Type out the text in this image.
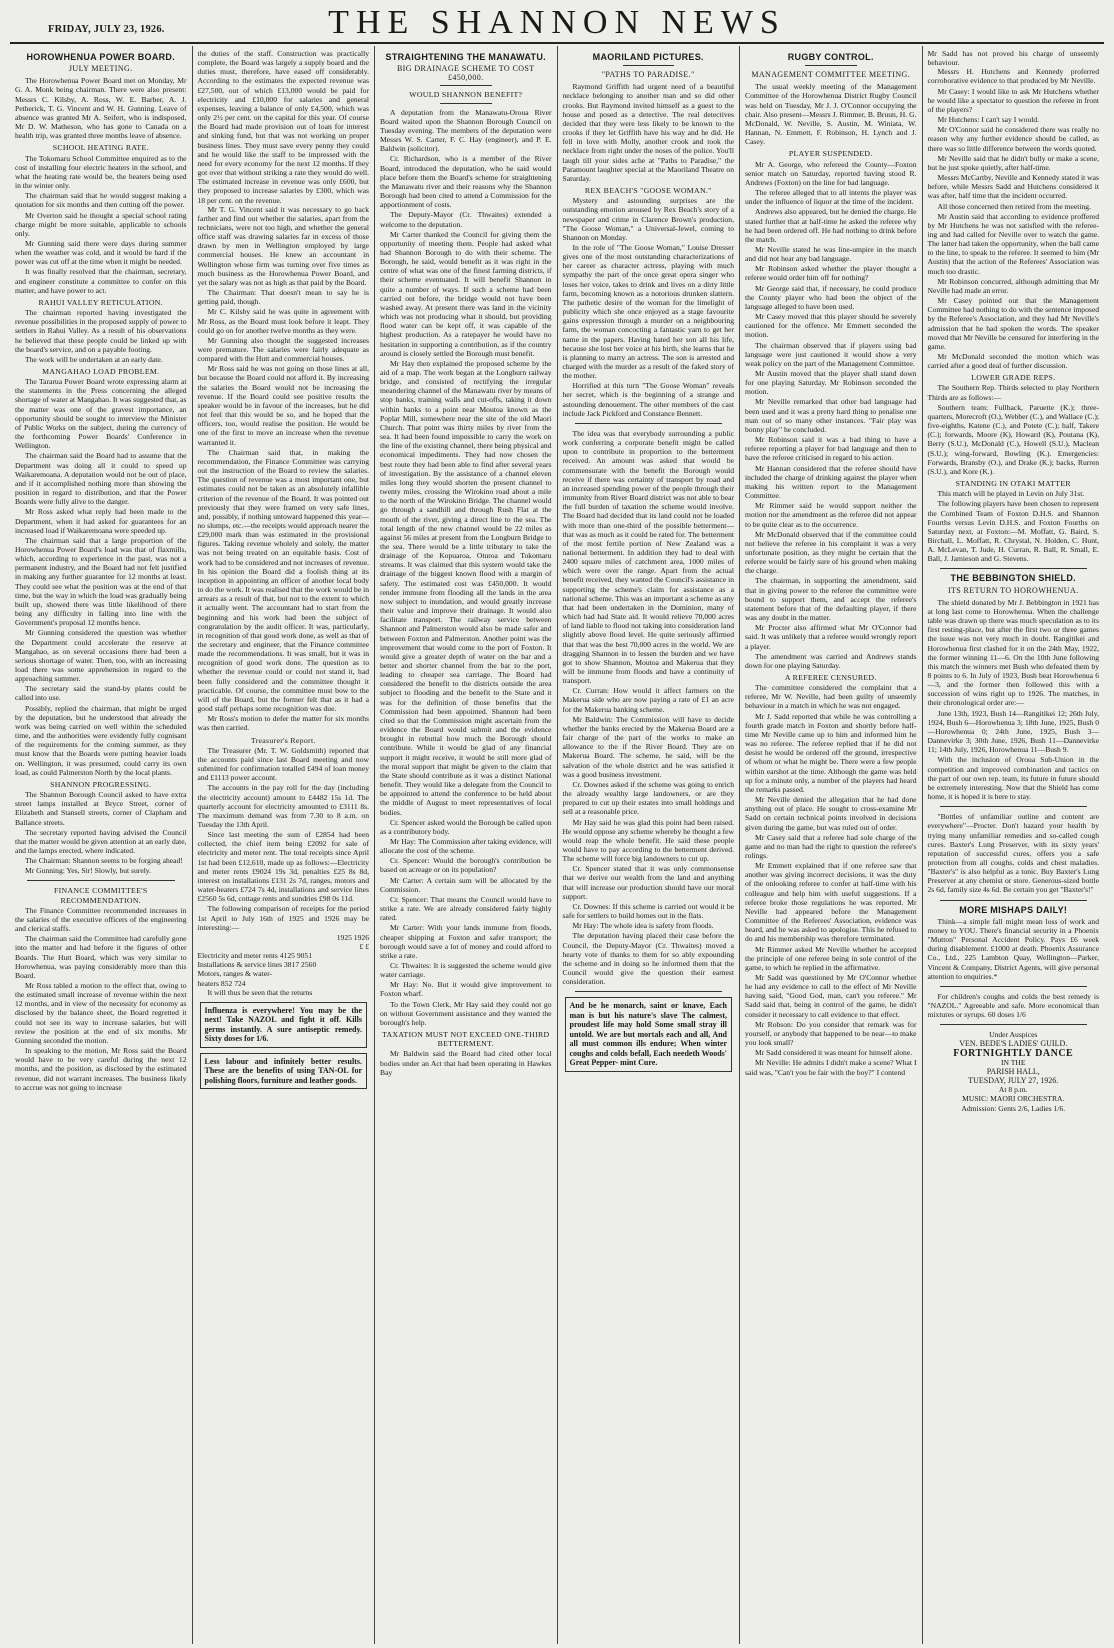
FRIDAY, JULY 23, 1926.	THE SHANNON NEWS
HOROWHENUA POWER BOARD.
JULY MEETING.

The Horowhenua Power Board met on Monday, Mr G. A. Monk being chairman. There were also present: Messrs C. Kilsby, A. Ross, W. E. Barber, A. J. Petherick, T. G. Vincent and W. H. Gunning. Leave of absence was granted Mr A. Seifert, who is indisposed, Mr D. W. Matheson, who has gone to Canada on a health trip, was granted three months leave of absence.

SCHOOL HEATING RATE.

The Tokomaru School Committee enquired as to the cost of installing four electric heaters in the school, and what the heating rate would be, the heaters being used in the winter only.

The chairman said that he would suggest making a quotation for six months and then cutting off the power.

Mr Overton said he thought a special school rating charge might be more suitable, applicable to schools only.

Mr Gunning said there were days during summer when the weather was cold, and it would be hard if the power was cut off at the time when it might be needed.

It was finally resolved that the chairman, secretary, and engineer constitute a committee to confer on this matter, and have power to act.

RAHUI VALLEY RETICULATION.

The chairman reported having investigated the revenue possibilities in the proposed supply of power to settlers in Rahui Valley. As a result of his observations he believed that these people could be linked up with the board's service, and on a payable footing.

The work will be undertaken at an early date.

MANGAHAO LOAD PROBLEM.

The Tararua Power Board wrote expressing alarm at the statements in the Press concerning the alleged shortage of water at Mangahao. It was suggested that, as the matter was one of the gravest importance, an opportunity should be sought to interview the Minister of Public Works on the subject, during the currency of the forthcoming Power Boards' Conference in Wellington.

The chairman said the Board had to assume that the Department was doing all it could to speed up Waikaremoana. A deputation would not be out of place, and if it accomplished nothing more than showing the position in regard to distribution, and that the Power Boards were fully alive to the danger.

Mr Ross asked what reply had been made to the Department, when it had asked for guarantees for an increased load if Waikaremoana were speeded up.

The chairman said that a large proportion of the Horowhenua Power Board's load was that of flaxmills, which, according to experience in the past, was not a permanent industry, and the Board had not felt justified in making any further guarantee for 12 months at least. They could see what the position was at the end of that time, but the way in which the load was gradually being built up, showed there was little likelihood of there being any difficulty in falling into line with the Government's proposal 12 months hence.

Mr Gunning considered the question was whether the Department could accelerate the reserve at Mangahao, as on several occasions there had been a serious shortage of water. Then, too, with an increasing load there was some apprehension in regard to the approaching summer.

The secretary said the stand-by plants could be called into use.

Possibly, replied the chairman, that might be urged by the deputation, but he understood that already the work was being carried on well within the scheduled time, and the authorities were evidently fully cognisant of the requirements for the coming summer, as they must know that the Boards were putting heavier loads on. Wellington, it was presumed, could carry its own load, as could Palmerston North by the local plants.

SHANNON PROGRESSING.

The Shannon Borough Council asked to have extra street lamps installed at Bryce Street, corner of Elizabeth and Stansell streets, corner of Clapham and Ballance streets.

The secretary reported having advised the Council that the matter would be given attention at an early date, and the lamps erected, where indicated.

The Chairman: Shannon seems to be forging ahead!

Mr Gunning: Yes, Sir! Slowly, but surely.

FINANCE COMMITTEE'S RECOMMENDATION.

The Finance Committee recommended increases in the salaries of the executive officers of the engineering and clerical staffs.

The chairman said the Committee had carefully gone into the matter and had before it the figures of other Boards. The Hutt Board, which was very similar to Horowhenua, was paying considerably more than this Board.

Mr Ross tabled a motion to the effect that, owing to the estimated small increase of revenue within the next 12 months, and in view of the necessity for economy as disclosed by the balance sheet, the Board regretted it could not see its way to increase salaries, but will review the position at the end of six months. Mr Gunning seconded the motion.

In speaking to the motion, Mr Ross said the Board would have to be very careful during the next 12 months, and the position, as disclosed by the estimated revenue, did not warrant increases. The business likely to accrue was not going to increase

the duties of the staff. Construction was practically complete, the Board was largely a supply board and the duties must, therefore, have eased off considerably. According to the estimates the expected revenue was £27,500, out of which £13,000 would be paid for electricity and £10,000 for salaries and general expenses, leaving a balance of only £4,500, which was only 2½ per cent. on the capital for this year. Of course the Board had made provision out of loan for interest and sinking fund, but that was not working on proper business lines. They must save every penny they could and he would like the staff to be impressed with the need for every economy for the next 12 months. If they got over that without striking a rate they would do well. The estimated increase in revenue was only £600, but they proposed to increase salaries by £300, which was 18 per cent. on the revenue.

Mr T. G. Vincent said it was necessary to go back farther and find out whether the salaries, apart from the technicians, were not too high, and whether the general office staff was drawing salaries far in excess of those drawn by men in Wellington employed by large commercial houses. He knew an accountant in Wellington whose firm was turning over five times as much business as the Horowhenua Power Board, and yet the salary was not as high as that paid by the Board.

The Chairman: That doesn't mean to say he is getting paid, though.

Mr C. Kilsby said he was quite in agreement with Mr Ross, as the Board must look before it leapt. They could go on for another twelve months as they were.

Mr Gunning also thought the suggested increases were premature. The salaries were fairly adequate as compared with the Hutt and commercial houses.

Mr Ross said he was not going on those lines at all, but because the Board could not afford it. By increasing the salaries the Board would not be increasing the revenue. If the Board could see positive results the speaker would be in favour of the increases, but he did not feel that this would be so, and he hoped that the officers, too, would realise the position. He would be one of the first to move an increase when the revenue warranted it.

The Chairman said that, in making the recommendation, the Finance Committee was carrying out the instruction of the Board to review the salaries. The question of revenue was a most important one, but estimates could not be taken as an absolutely infallible criterion of the revenue of the Board. It was pointed out previously that they were framed on very safe lines, and, possibly, if nothing untoward happened this year—no slumps, etc.—the receipts would approach nearer the £29,000 mark than was estimated in the provisional figures. Taking revenue wholely and solely, the matter was not being treated on an equitable basis. Cost of work had to be considered and not increases of revenue. In his opinion the Board did a foolish thing at its inception in appointing an officer of another local body to do the work. It was realised that the work would be in arrears as a result of that, but not to the extent to which it actually went. The accountant had to start from the beginning and his work had been the subject of congratulation by the audit officer. It was, particularly, in recognition of that good work done, as well as that of the secretary and engineer, that the Finance committee made the recommendations. It was small, but it was in recognition of good work done. The question as to whether the revenue could or could not stand it, had been fully considered and the committee thought it practicable. Of course, the committee must bow to the will of the Board, but the former felt that as it had a good staff perhaps some recognition was due.

Mr Ross's motion to defer the matter for six months was then carried.

Treasurer's Report.

The Treasurer (Mr. T. W. Goldsmith) reported that the accounts paid since last Board meeting and now submitted for confirmation totalled £494 of loan money and £1113 power account.

The accounts in the pay roll for the day (including the electricity account) amount to £4482 15s 1d. The quarterly account for electricity amounted to £3111 8s. The maximum demand was from 7.30 to 8 a.m. on Tuesday the 13th April.

Since last meeting the sum of £2854 had been collected, the chief item being £2092 for sale of electricity and meter rent. The total receipts since April 1st had been £12,610, made up as follows:—Electricity and meter rents £9024 19s 3d, penalties £25 8s 8d, interest on installations £131 2s 7d, ranges, motors and water-heaters £724 7s 4d, installations and service lines £2560 5s 6d, cottage rents and sundries £98 0s 11d.

The following comparison of receipts for the period 1st April to July 16th of 1925 and 1926 may be interesting:—

1925 1926

£ £

Electricity and meter rents 4125 9051

Installations & service lines 3817 2560

Motors, ranges & water-

heaters 852 724

It will thus be seen that the returns

Influenza is everywhere! You may be the next! Take NAZOL and fight it off. Kills germs instantly. A sure antiseptic remedy. Sixty doses for 1/6.
Less labour and infinitely better results. These are the benefits of using TAN-OL for polishing floors, furniture and leather goods.
STRAIGHTENING THE MANAWATU.
BIG DRAINAGE SCHEME TO COST £450,000.
WOULD SHANNON BENEFIT?

A deputation from the Manawatu-Oroua River Board waited upon the Shannon Borough Council on Tuesday evening. The members of the deputation were Messrs W. S. Carter, F. C. Hay (engineer), and P. E. Baldwin (solicitor).

Cr. Richardson, who is a member of the River Board, introduced the deputation, who he said would place before them the Board's scheme for straightening the Manawatu river and their reasons why the Shannon Borough had been cited to attend a Commission for the apportionment of costs.

The Deputy-Mayor (Cr. Thwaites) extended a welcome to the deputation.

Mr Carter thanked the Council for giving them the opportunity of meeting them. People had asked what had Shannon Borough to do with their scheme. The Borough, he said, would benefit as it was right in the centre of what was one of the finest farming districts, if their scheme eventuated. It will benefit Shannon in quite a number of ways. If such a scheme had been carried out before, the bridge would not have been washed away. At present there was land in the vicinity which was not producing what it should, but providing flood water can be kept off, it was capable of the highest production. As a ratepayer he would have no hesitation in supporting a contribution, as if the country around is closely settled the Borough must benefit.

Mr Hay then explained the proposed scheme by the aid of a map. The work began at the Longburn railway bridge, and consisted of rectifying the irregular meandering channel of the Manawatu river by means of stop banks, training walls and cut-offs, taking it down within banks to a point near Moutoa known as the Poplar Mill, somewhere near the site of the old Maori Church. That point was thirty miles by river from the sea. It had been found impossible to carry the work on the line of the existing channel, there being physical and economical impediments. They had now chosen the best route they had been able to find after several years of investigation. By the assistance of a channel eleven miles long they would shorten the present channel to twenty miles, crossing the Wirokino road about a mile to the north of the Wirokino Bridge. The channel would go through a sandhill and through Rush Flat at the mouth of the river, giving a direct line to the sea. The total length of the new channel would be 22 miles as against 56 miles at present from the Longburn Bridge to the sea. There would be a little tributary to take the drainage of the Kopuaroa, Oturoa and Tokomaru streams. It was claimed that this system would take the drainage of the biggest known flood with a margin of safety. The estimated cost was £450,000. It would render immune from flooding all the lands in the area now subject to inundation, and would greatly increase their value and improve their drainage. It would also facilitate transport. The railway service between Shannon and Palmerston would also be made safer and between Foxton and Palmerston. Another point was the improvement that would come to the port of Foxton. It would give a greater depth of water on the bar and a better and shorter channel from the bar to the port, leading to cheaper sea carriage. The Board had considered the benefit to the districts outside the area subject to flooding and the benefit to the State and it was for the definition of those benefits that the Commission had been appointed. Shannon had been cited so that the Commission might ascertain from the evidence the Board would submit and the evidence brought in rebuttal how much the Borough should contribute. While it would be glad of any financial support it might receive, it would be still more glad of the moral support that might be given to the claim that the State should contribute as it was a distinct National benefit. They would like a delegate from the Council to be appointed to attend the conference to be held about the middle of August to meet representatives of local bodies.

Cr. Spencer asked would the Borough be called upon as a contributory body.

Mr Hay: The Commission after taking evidence, will allocate the cost of the scheme.

Cr. Spencer: Would the borough's contribution be based on acreage or on its population?

Mr Carter: A certain sum will be allocated by the Commission.

Cr. Spencer: That means the Council would have to strike a rate. We are already considered fairly highly rated.

Mr Carter: With your lands immune from floods, cheaper shipping at Foxton and safer transport; the borough would save a lot of money and could afford to strike a rate.

Cr. Thwaites: It is suggested the scheme would give water carriage.

Mr Hay: No. But it would give improvement to Foxton wharf.

To the Town Clerk, Mr Hay said they could not go on without Government assistance and they wanted the borough's help.

TAXATION MUST NOT EXCEED ONE-THIRD BETTERMENT.

Mr Baldwin said the Board had cited other local bodies under an Act that had been operating in Hawkes Bay

MAORILAND PICTURES.
"PATHS TO PARADISE."

Raymond Griffith had urgent need of a beautiful necklace belonging to another man and so did other crooks. But Raymond invited himself as a guest to the house and posed as a detective. The real detectives decided that they were less likely to be known to the crooks if they let Griffith have his way and he did. He fell in love with Molly, another crook and took the necklace from right under the noses of the police. You'll laugh till your sides ache at "Paths to Paradise," the Paramount laughter special at the Maoriland Theatre on Saturday.

REX BEACH'S "GOOSE WOMAN."

Mystery and astounding surprises are the outstanding emotion aroused by Rex Beach's story of a newspaper and crime in Clarence Brown's production, "The Goose Woman," a Universal-Jewel, coming to Shannon on Monday.

In the role of "The Goose Woman," Louise Dresser gives one of the most outstanding characterizations of her career as character actress, playing with much sympathy the part of the once great opera singer who loses her voice, takes to drink and lives on a dirty little farm, becoming known as a notorious drunken slattern. The pathetic desire of the woman for the limelight of publicity which she once enjoyed as a stage favourite gains expression through a murder on a neighbouring farm, the woman concocting a fantastic yarn to get her name in the papers. Having hated her son all his life, because she lost her voice at his birth, she learns that he is planning to marry an actress. The son is arrested and charged with the murder as a result of the faked story of the mother.

Horrified at this turn "The Goose Woman" reveals her secret, which is the beginning of a strange and astounding denouement. The other members of the cast include Jack Pickford and Constance Bennett.

The idea was that everybody surrounding a public work conferring a corporate benefit might be called upon to contribute in proportion to the betterment received. An amount was asked that would be commensurate with the benefit the Borough would receive if there was certainty of transport by road and an increased spending power of the people through their immunity from River Board district was not able to bear the full burden of taxation the scheme would involve. The Board had decided that its land could not be loaded with more than one-third of the possible betterment—that was as much as it could be rated for. The betterment of the most fertile portion of New Zealand was a national betterment. In addition they had to deal with 2400 square miles of catchment area, 1000 miles of which were over the range. Apart from the actual benefit received, they wanted the Council's assistance in supporting the scheme's claim for assistance as a national scheme. This was an important a scheme as any that had been undertaken in the Dominion, many of which had had State aid. It would relieve 70,000 acres of land liable to flood not taking into consideration land slightly above flood level. He quite seriously affirmed that that was the best 70,000 acres in the world. We are dragging Shannon in to lessen the burden and we have got to show Shannon, Moutoa and Makerua that they will be immune from floods and have a continuity of transport.

Cr. Curran: How would it affect farmers on the Makerua side who are now paying a rate of £1 an acre for the Makerua banking scheme.

Mr Baldwin: The Commission will have to decide whether the banks erected by the Makerua Board are a fair charge of the part of the works to make an allowance to the if the River Board. They are on Makerua Board. The scheme, he said, will be the salvation of the whole district and he was satisfied it was a good business investment.

Cr. Downes asked if the scheme was going to enrich the already wealthy large landowners, or are they prepared to cut up their estates into small holdings and sell at a reasonable price.

Mr Hay said he was glad this point had been raised. He would oppose any scheme whereby he thought a few would reap the whole benefit. He said these people would have to pay according to the betterment derived. The scheme will force big landowners to cut up.

Cr. Spencer stated that it was only commonsense that we derive our wealth from the land and anything that will increase our production should have our moral support.

Cr. Downes: If this scheme is carried out would it be safe for settlers to build homes out in the flats.

Mr Hay: The whole idea is safety from floods.

The deputation having placed their case before the Council, the Deputy-Mayor (Cr. Thwaites) moved a hearty vote of thanks to them for so ably expounding the scheme and in doing so he informed them that the Council would give the question their earnest consideration.

And be he monarch, saint or knave, Each man is but his nature's slave The calmest, proudest life may hold Some small stray ill untold. We are but mortals each and all, And all must common ills endure; When winter coughs and colds befall, Each needeth Woods' Great Pepper- mint Cure.
RUGBY CONTROL.
MANAGEMENT COMMITTEE MEETING.

The usual weekly meeting of the Management Committee of the Horowhenua District Rugby Council was held on Tuesday, Mr J. J. O'Connor occupying the chair. Also present—Messrs J. Rimmer, B. Bruun, H. G. McDonald, W. Neville, S. Austin, M. Winiata, W. Hannan, N. Emmett, F. Robinson, H. Lynch and J. Casey.

PLAYER SUSPENDED.

Mr A. George, who refereed the County—Foxton senior match on Saturday, reported having stood R. Andrews (Foxton) on the line for bad language.

The referee alleged that to all intents the player was under the influence of liquor at the time of the incident.

Andrews also appeared, but he denied the charge. He stated further that at half-time he asked the referee why he had been ordered off. He had nothing to drink before the match.

Mr Neville stated he was line-umpire in the match and did not hear any bad language.

Mr Robinson asked whether the player thought a referee would order him off for nothing?

Mr George said that, if necessary, he could produce the County player who had been the object of the language alleged to have been used.

Mr Casey moved that this player should be severely cautioned for the offence. Mr Emmett seconded the motion.

The chairman observed that if players using bad language were just cautioned it would show a very weak policy on the part of the Management Committee.

Mr Austin moved that the player shall stand down for one playing Saturday. Mr Robinson seconded the motion.

Mr Neville remarked that other bad language had been used and it was a pretty hard thing to penalise one man out of so many other instances. "Fair play was bonny play" he concluded.

Mr Robinson said it was a bad thing to have a referee reporting a player for bad language and then to have the referee criticised in regard to his action.

Mr Hannan considered that the referee should have included the charge of drinking against the player when making his written report to the Management Committee.

Mr Rimmer said he would support neither the motion nor the amendment as the referee did not appear to be quite clear as to the occurrence.

Mr McDonald observed that if the committee could not believe the referee in his complaint it was a very unfortunate position, as they might be certain that the referee would be fairly sure of his ground when making the charge.

The chairman, in supporting the amendment, said that in giving power to the referee the committee were bound to support them, and accept the referee's statement before that of the defaulting player, if there was any doubt in the matter.

Mr Procter also affirmed what Mr O'Connor had said. It was unlikely that a referee would wrongly report a player.

The amendment was carried and Andrews stands down for one playing Saturday.

A REFEREE CENSURED.

The committee considered the complaint that a referee, Mr W. Neville, had been guilty of unseemly behaviour in a match in which he was not engaged.

Mr J. Sadd reported that while he was controlling a fourth grade match in Foxton and shortly before half-time Mr Neville came up to him and informed him he was no referee. The referee replied that if he did not desist he would be ordered off the ground, irrespective of whom or what he might be. There were a few people within earshot at the time. Although the game was held up for a minute only, a number of the players had heard the remarks passed.

Mr Neville denied the allegation that he had done anything out of place. He sought to cross-examine Mr Sadd on certain technical points involved in decisions given during the game, but was ruled out of order.

Mr Casey said that a referee had sole charge of the game and no man had the right to question the referee's rulings.

Mr Emmett explained that if one referee saw that another was giving incorrect decisions, it was the duty of the onlooking referee to confer at half-time with his colleague and help him with useful suggestions. If a referee broke those regulations he was reported. Mr Neville had appeared before the Management Committee of the Referees' Association, evidence was heard, and he was asked to apologise. This he refused to do and his membership was therefore terminated.

Mr Rimmer asked Mr Neville whether he accepted the principle of one referee being in sole control of the game, to which he replied in the affirmative.

Mr Sadd was questioned by Mr O'Connor whether he had any evidence to call to the effect of Mr Neville having said, "Good God, man, can't you referee." Mr Sadd said that, being in control of the game, he didn't consider it necessary to call evidence to that effect.

Mr Robson: Do you consider that remark was for yourself, or anybody that happened to be near—to make you look small?

Mr Sadd considered it was meant for himself alone.

Mr Neville: He admits I didn't make a scene? What I said was, "Can't you be fair with the boy?" I contend

Mr Sadd has not proved his charge of unseemly behaviour.

Messrs H. Hutchens and Kennedy proferred corroborative evidence to that produced by Mr Neville.

Mr Casey: I would like to ask Mr Hutchens whether he would like a spectator to question the referee in front of the players?

Mr Hutchens: I can't say I would.

Mr O'Connor said he considered there was really no reason why any further evidence should be called, as there was so little difference between the words quoted.

Mr Neville said that he didn't bully or make a scene, but he just spoke quietly, after half-time.

Messrs McCartby, Neville and Kennedy stated it was before, while Messrs Sadd and Hutchens considered it was after, half time that the incident occurred.

All those concerned then retired from the meeting.

Mr Austin said that according to evidence proffered by Mr Hutchens he was not satisfied with the referee-ing and had called for Neville over to watch the game. The latter had taken the opportunity, when the ball came to the line, to speak to the referee. It seemed to him (Mr Austin) that the action of the Referees' Association was much too drastic.

Mr Robinson concurred, although admitting that Mr Neville had made an error.

Mr Casey pointed out that the Management Committee had nothing to do with the sentence imposed by the Referee's Association, and they had Mr Neville's admission that he had spoken the words. The speaker moved that Mr Neville be censured for interfering in the game.

Mr McDonald seconded the motion which was carried after a good deal of further discussion.

LOWER GRADE REPS.

The Southern Rep. Thirds selected to play Northern Thirds are as follows:—

Southern team: Fullback, Paruette (K.); three-quarters, Morecroft (O.), Webber (C.), and Wallace (C.); five-eighths, Katene (C.), and Potete (C.); half, Takere (C.); forwards, Moore (K), Howard (K), Poutana (K), Berry (S.U.), McDonald (C.), Howell (S.U.), Maclean (S.U.); wing-forward, Bowling (K.). Emergencies: Forwards, Bransby (O.), and Drake (K.); backs, Rurren (S.U.), and Kore (K.).

STANDING IN OTAKI MATTER

This match will be played in Levin on July 31st.

The following players have been chosen to represent the Combined Team of Foxton D.H.S. and Shannon Fourths versus Levin D.H.S. and Foxton Fourths on Saturday next, at Foxton:—M. Moffatt, G. Baird, S. Birchall, L. Moffatt, R. Chrystal, N. Holden, C. Hunt, A. McLevan, T. Jude, H. Curran, R. Ball, R. Small, E. Ball, J. Jamieson and G. Stevens.

THE BEBBINGTON SHIELD.
ITS RETURN TO HOROWHENUA.

The shield donated by Mr J. Bebbington in 1921 has at long last come to Horowhenua. When the challenge table was drawn up there was much speculation as to its first resting-place, but after the first two or three games the issue was not very much in doubt. Rangitikei and Horowhenua first clashed for it on the 24th May, 1922, the former winning 11—6. On the 10th June following this match the winners met Bush who defeated them by 8 points to 6. In July of 1923, Bush beat Horowhenua 6—3, and the former then followed this with a succession of wins right up to 1926. The matches, in their chronological order are:—

June 13th, 1923, Bush 14—Rangitikei 12; 26th July, 1924, Bush 6—Horowhenua 3; 18th June, 1925, Bush 0—Horowhenua 0; 24th June, 1925, Bush 3—Dannevirke 3; 30th June, 1926, Bush 11—Dannevirke 11; 14th July, 1926, Horowhenua 11—Bush 9.

With the inclusion of Oroua Sub-Union in the competition and improved combination and tactics on the part of our own rep. team, its future in future should be extremely interesting. Now that the Shield has come home, it is hoped it is here to stay.

"Bottles of unfamiliar outline and content are everywhere"—Procter. Don't hazard your health by trying many unfamiliar remedies and so-called cough cures. Baxter's Lung Preserver, with its sixty years' reputation of successful cures, offers you a safe protection from all coughs, colds and chest maladies. "Baxter's" is also helpful as a tonic. Buy Baxter's Lung Preserver at any chemist or store. Generous-sized bottle 2s 6d, family size 4s 6d. Be certain you get "Baxter's!"

MORE MISHAPS DAILY!

Think—a simple fall might mean loss of work and money to YOU. There's financial security in a Phoenix "Mutton" Personal Accident Policy. Pays £6 week during disablement. £1000 at death. Phoenix Assurance Co., Ltd., 225 Lambton Quay, Wellington—Parker, Vincent & Company, District Agents, will give personal attention to enquiries.*

For children's coughs and colds the best remedy is "NAZOL." Agreeable and safe. More economical than mixtures or syrups. 60 doses 1/6

Under Auspices
VEN. BEDE'S LADIES' GUILD.
FORTNIGHTLY DANCE
IN THE
PARISH HALL,
TUESDAY, JULY 27, 1926.
At 8 p.m.
MUSIC: MAORI ORCHESTRA.
Admission: Gents 2/6, Ladies 1/6.
